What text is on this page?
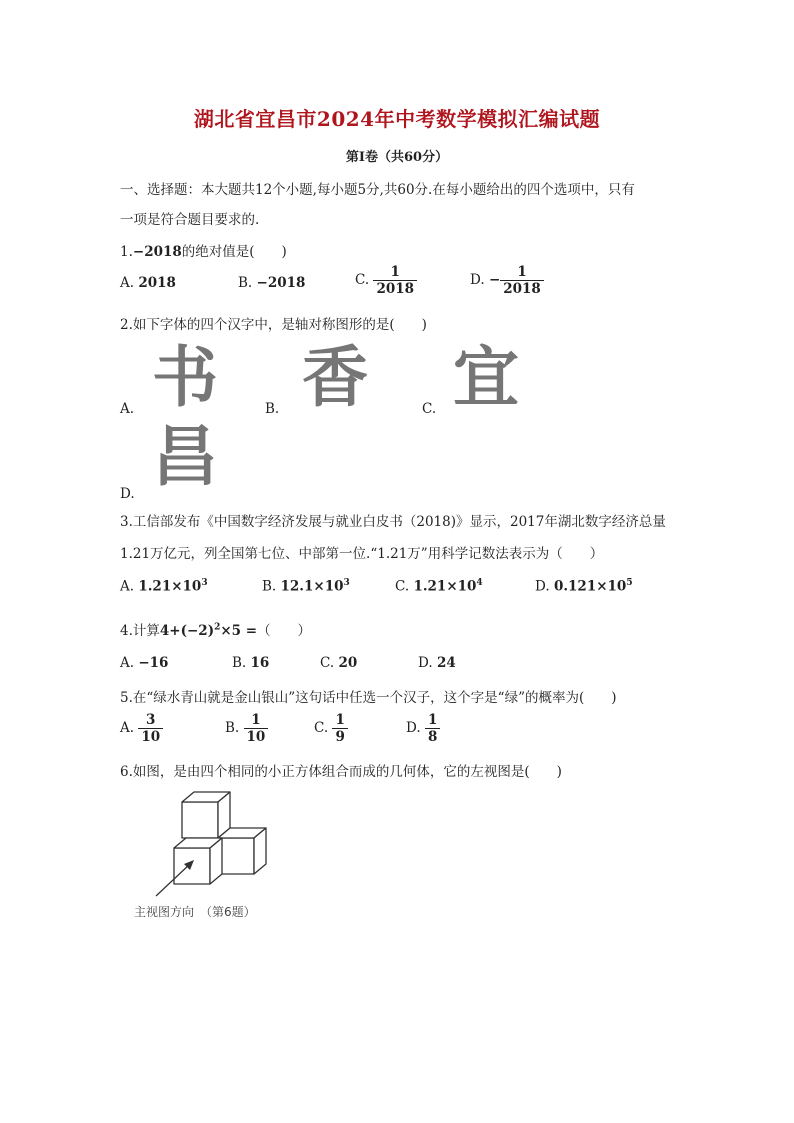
湖北省宜昌市2024年中考数学模拟汇编试题
第Ⅰ卷（共60分）
一、选择题：本大题共12个小题,每小题5分,共60分.在每小题给出的四个选项中，只有
一项是符合题目要求的.
1.−2018的绝对值是(　　)
A. 2018	B. −2018	C. $\frac{1}{2018}$	D. − $\frac{1}{2018}$
2.如下字体的四个汉字中，是轴对称图形的是(　　)
A. 书	B. 香	C. 宜
D. 昌
3.工信部发布《中国数字经济发展与就业白皮书（2018)》显示，2017年湖北数字经济总量
1.21万亿元，列全国第七位、中部第一位.“1.21万”用科学记数法表示为（　　）
A. $1.21\times 10^3$	B. $12.1\times 10^3$	C. $1.21\times 10^4$	D. $0.121\times 10^5$
4.计算$4+(-2)^2\times 5$ =（　　）
A. −16	B. 16	C. 20	D. 24
5.在“绿水青山就是金山银山”这句话中任选一个汉子，这个字是“绿”的概率为(　　)
A. $\frac{3}{10}$	B. $\frac{1}{10}$	C. $\frac{1}{9}$	D. $\frac{1}{8}$
6.如图，是由四个相同的小正方体组合而成的几何体，它的左视图是(　　)
主视图方向　（第6题）
